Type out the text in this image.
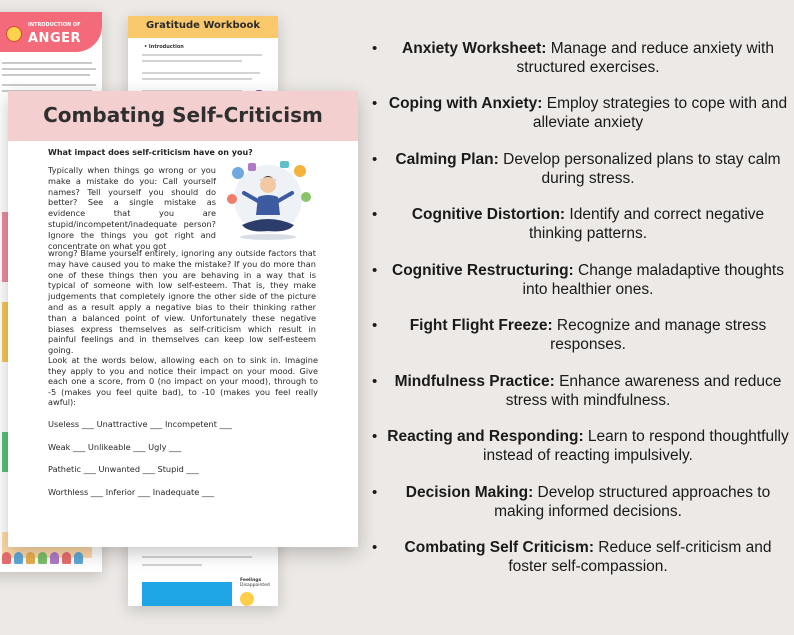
INTRODUCTION OF
ANGER
Gratitude Workbook
• Introduction
Feelings
Disappointed
Combating Self-Criticism
What impact does self-criticism have on you?
Typically when things go wrong or you make a mistake do you: Call yourself names? Tell yourself you should do better? See a single mistake as evidence that you are stupid/incompetent/inadequate person? Ignore the things you got right and concentrate on what you got
wrong? Blame yourself entirely, ignoring any outside factors that may have caused you to make the mistake? If you do more than one of these things then you are behaving in a way that is typical of someone with low self-esteem. That is, they make judgements that completely ignore the other side of the picture and as a result apply a negative bias to their thinking rather than a balanced point of view. Unfortunately these negative biases express themselves as self-criticism which result in painful feelings and in themselves can keep low self-esteem going.
Look at the words below, allowing each on to sink in. Imagine they apply to you and notice their impact on your mood. Give each one a score, from 0 (no impact on your mood), through to -5 (makes you feel quite bad), to -10 (makes you feel really awful):
Useless ___ Unattractive ___ Incompetent ___
Weak ___ Unlikeable ___ Ugly ___
Pathetic ___ Unwanted ___ Stupid ___
Worthless ___ Inferior ___ Inadequate ___
•	Anxiety Worksheet: Manage and reduce anxiety with structured exercises.
• Coping with Anxiety: Employ strategies to cope with and alleviate anxiety
•	Calming Plan: Develop personalized plans to stay calm during stress.
•	Cognitive Distortion: Identify and correct negative thinking patterns.
• Cognitive Restructuring: Change maladaptive thoughts into healthier ones.
•	Fight Flight Freeze: Recognize and manage stress responses.
•	Mindfulness Practice: Enhance awareness and reduce stress with mindfulness.
• Reacting and Responding: Learn to respond thoughtfully instead of reacting impulsively.
•	Decision Making: Develop structured approaches to making informed decisions.
•	Combating Self Criticism: Reduce self-criticism and foster self-compassion.
